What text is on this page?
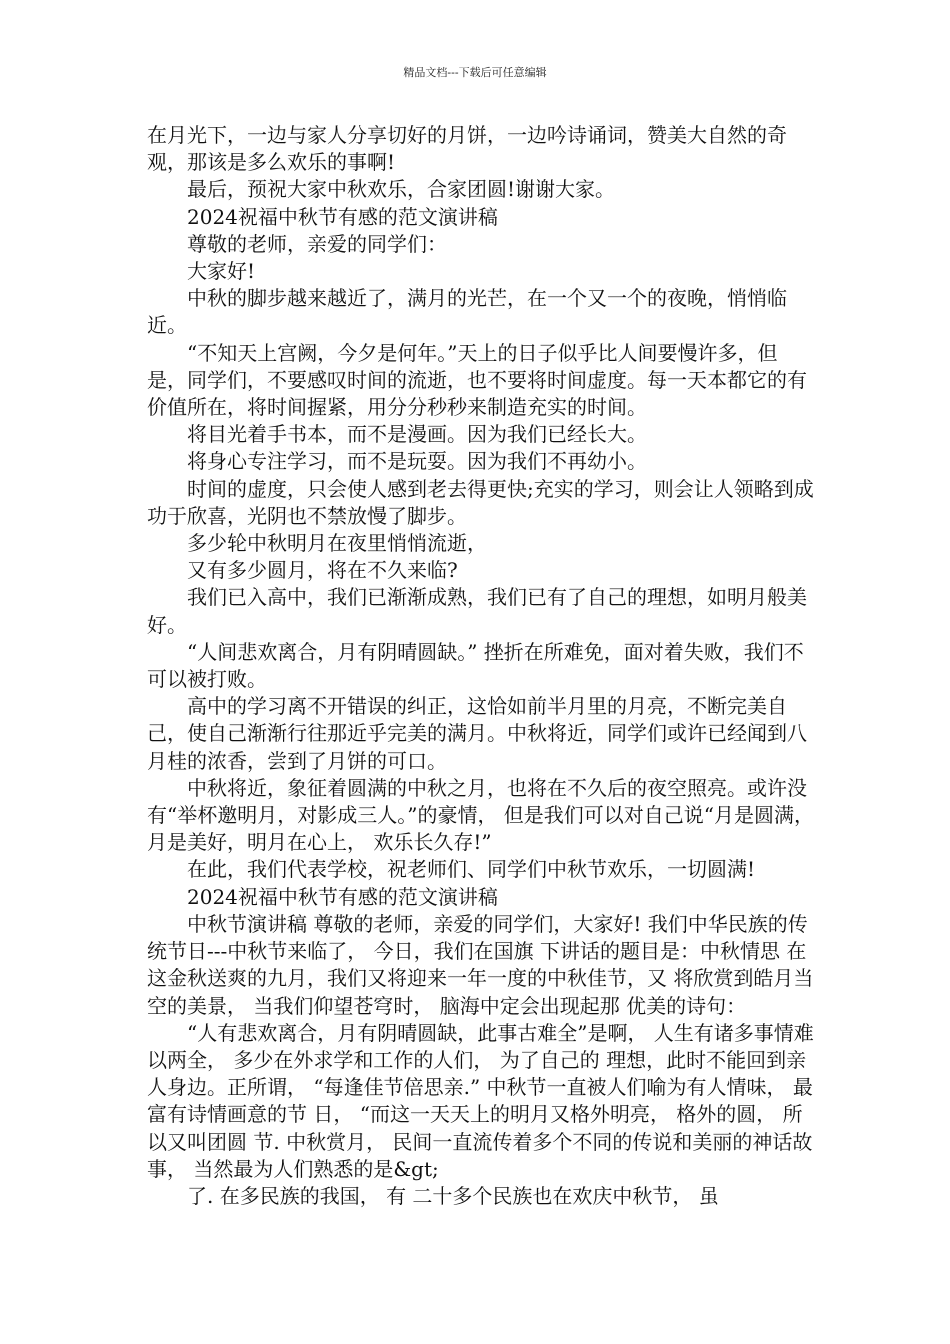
精品文档---下载后可任意编辑

在月光下，一边与家人分享切好的月饼，一边吟诗诵词，赞美大自然的奇观，那该是多么欢乐的事啊!

最后，预祝大家中秋欢乐，合家团圆!谢谢大家。

2024祝福中秋节有感的范文演讲稿

尊敬的老师，亲爱的同学们：

大家好!

中秋的脚步越来越近了，满月的光芒，在一个又一个的夜晚，悄悄临近。

“不知天上宫阙，今夕是何年。”天上的日子似乎比人间要慢许多，但是，同学们，不要感叹时间的流逝，也不要将时间虚度。每一天本都它的有价值所在，将时间握紧，用分分秒秒来制造充实的时间。

将目光着手书本，而不是漫画。因为我们已经长大。

将身心专注学习，而不是玩耍。因为我们不再幼小。

时间的虚度，只会使人感到老去得更快;充实的学习，则会让人领略到成功于欣喜，光阴也不禁放慢了脚步。

多少轮中秋明月在夜里悄悄流逝，

又有多少圆月，将在不久来临?

我们已入高中，我们已渐渐成熟，我们已有了自己的理想，如明月般美好。

“人间悲欢离合，月有阴晴圆缺。” 挫折在所难免，面对着失败，我们不可以被打败。

高中的学习离不开错误的纠正，这恰如前半月里的月亮，不断完美自己，使自己渐渐行往那近乎完美的满月。中秋将近，同学们或许已经闻到八月桂的浓香，尝到了月饼的可口。

中秋将近，象征着圆满的中秋之月，也将在不久后的夜空照亮。或许没有“举杯邀明月，对影成三人。”的豪情， 但是我们可以对自己说“月是圆满，月是美好，明月在心上， 欢乐长久存!”

在此，我们代表学校，祝老师们、同学们中秋节欢乐，一切圆满!

2024祝福中秋节有感的范文演讲稿

中秋节演讲稿 尊敬的老师，亲爱的同学们，大家好! 我们中华民族的传统节日---中秋节来临了， 今日，我们在国旗 下讲话的题目是：中秋情思 在这金秋送爽的九月，我们又将迎来一年一度的中秋佳节，又 将欣赏到皓月当空的美景， 当我们仰望苍穹时， 脑海中定会出现起那 优美的诗句：

“人有悲欢离合，月有阴晴圆缺，此事古难全”是啊， 人生有诸多事情难以两全， 多少在外求学和工作的人们， 为了自己的 理想，此时不能回到亲人身边。正所谓， “每逢佳节倍思亲.” 中秋节一直被人们喻为有人情味， 最富有诗情画意的节 日， “而这一天天上的明月又格外明亮， 格外的圆， 所以又叫团圆 节. 中秋赏月， 民间一直流传着多个不同的传说和美丽的神话故 事， 当然最为人们熟悉的是&gt;

了. 在多民族的我国， 有 二十多个民族也在欢庆中秋节， 虽
